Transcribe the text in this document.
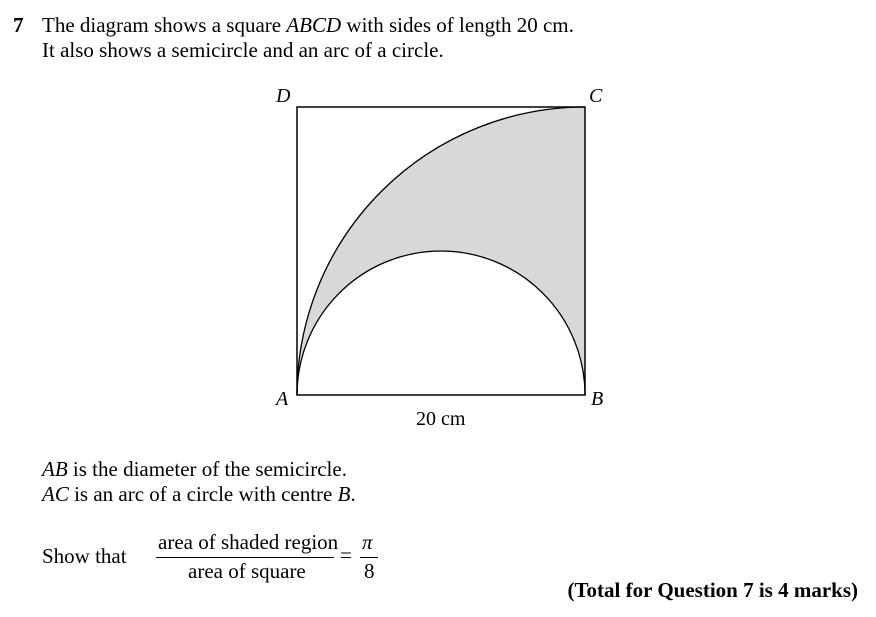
7 The diagram shows a square ABCD with sides of length 20 cm.
It also shows a semicircle and an arc of a circle.
D	C
A	B
20 cm
AB is the diameter of the semicircle.
AC is an arc of a circle with centre B.
Show that
area of shaded region
area of square
=
π
8
(Total for Question 7 is 4 marks)
